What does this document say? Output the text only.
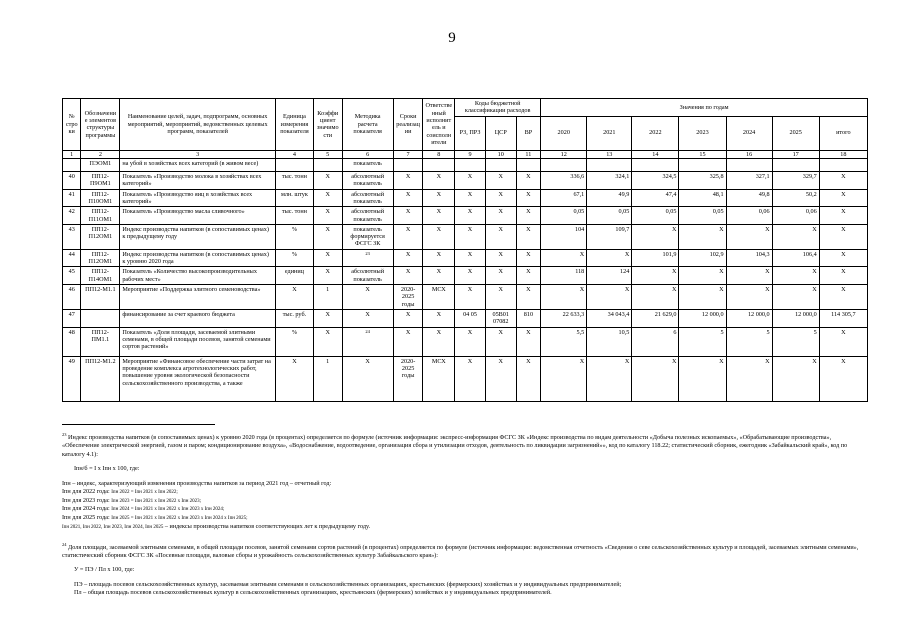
9
№ строки	Обозначение элементов структуры программы	Наименование целей, задач, подпрограмм, основных мероприятий, мероприятий, ведомственных целевых программ, показателей	Единица измерения показателя	Коэффициент значимости	Методика расчета показателя	Сроки реализации	Ответственный исполнитель и соисполнители	Коды бюджетной классификации расходов			Значения по годам						
								РЗ, ПРЗ	ЦСР	ВР	2020	2021	2022	2023	2024	2025	итого
1	2	3	4	5	6	7	8	9	10	11	12	13	14	15	16	17	18
	ПЭОМ1	на убой в хозяйствах всех категорий (в живом весе)			показатель												
40	ПП12-П9ОМ1	Показатель «Производство молока в хозяйствах всех категорий»	тыс. тонн	Х	абсолютный показатель	Х	Х	Х	Х	Х	336,6	324,1	324,5	325,8	327,1	329,7	Х
41	ПП12-П10ОМ1	Показатель «Производство яиц в хозяйствах всех категорий»	млн. штук	Х	абсолютный показатель	Х	Х	Х	Х	Х	67,1	49,9	47,4	48,1	49,8	50,2	Х
42	ПП12-П11ОМ1	Показатель «Производство масла сливочного»	тыс. тонн	Х	абсолютный показатель	Х	Х	Х	Х	Х	0,05	0,05	0,05	0,05	0,06	0,06	Х
43	ПП12-П12ОМ1	Индекс производства напитков (в сопоставимых ценах) к предыдущему году	%	Х	показатель формируется ФСГС ЗК	Х	Х	Х	Х	Х	104	109,7	Х	Х	Х	Х	Х
44	ПП12-П12ОМ1	Индекс производства напитков (в сопоставимых ценах) к уровню 2020 года	%	Х	$^{23}$	Х	Х	Х	Х	Х	Х	Х	101,9	102,9	104,3	106,4	Х
45	ПП12-П14ОМ1	Показатель «Количество высокопроизводительных рабочих мест»	единиц	Х	абсолютный показатель	Х	Х	Х	Х	Х	118	124	Х	Х	Х	Х	Х
46	ПП12-М1.1	Мероприятие «Поддержка элитного семеноводства»	Х	1	Х	2020-2025 годы	МСХ	Х	Х	Х	Х	Х	Х	Х	Х	Х	Х
47		финансирование за счет краевого бюджета	тыс. руб.	Х	Х	Х	Х	04 05	05В01 07082	810	22 633,3	34 043,4	21 629,0	12 000,0	12 000,0	12 000,0	114 305,7
48	ПП12-ПМ1.1	Показатель «Доля площади, засеваемой элитными семенами, в общей площади посевов, занятой семенами сортов растений»	%	Х	$^{24}$	Х	Х	Х	Х	Х	5,5	10,5	6	5	5	5	Х
49	ПП12-М1.2	Мероприятие «Финансовое обеспечение части затрат на проведение комплекса агротехнологических работ, повышение уровня экологической безопасности сельскохозяйственного производства, а также	Х	1	Х	2020-2025 годы	МСХ	Х	Х	Х	Х	Х	Х	Х	Х	Х	Х

$^{23}$ Индекс производства напитков (в сопоставимых ценах) к уровню 2020 года (в процентах) определяется по формуле (источник информации: экспресс-информация ФСГС ЗК «Индекс производства по видам деятельности «Добыча полезных ископаемых», «Обрабатывающие производства», «Обеспечение электрической энергией, газом и паром; кондиционирование воздуха», «Водоснабжение, водоотведение, организация сбора и утилизации отходов, деятельность по ликвидации загрязнений»», код по каталогу 118.22; статистический сборник, ежегодник «Забайкальский край», код по каталогу 4.1):

Iпн/б = Ι х Iпн х 100, где:

Iпн – индекс, характеризующий изменения производства напитков за период 2021 год – отчетный год:

Iпн для 2022 года: Iпн 2022 = Iпн 2021 х Iпн 2022;

Iпн для 2023 года: Iпн 2023 = Iпн 2021 х Iпн 2022 х Iпн 2023;

Iпн для 2024 года: Iпн 2024 = Iпн 2021 х Iпн 2022 х Iпн 2023 х Iпн 2024;

Iпн для 2025 года: Iпн 2025 = Iпн 2021 х Iпн 2022 х Iпн 2023 х Iпн 2024 х Iпн 2025;

Iпн 2021, Iпн 2022, Iпн 2023, Iпн 2024, Iпн 2025 – индексы производства напитков соответствующих лет к предыдущему году.

$^{24}$ Доля площади, засеваемой элитными семенами, в общей площади посевов, занятой семенами сортов растений (в процентах) определяется по формуле (источник информации: ведомственная отчетность «Сведения о севе сельскохозяйственных культур и площадей, засеваемых элитными семенами», статистический сборник ФСГС ЗК «Посевные площади, валовые сборы и урожайность сельскохозяйственных культур Забайкальского края»):

У = ПЭ / Пл х 100, где:

ПЭ – площадь посевов сельскохозяйственных культур, засеваемая элитными семенами в сельскохозяйственных организациях, крестьянских (фермерских) хозяйствах и у индивидуальных предпринимателей;

Пл – общая площадь посевов сельскохозяйственных культур в сельскохозяйственных организациях, крестьянских (фермерских) хозяйствах и у индивидуальных предпринимателей.
